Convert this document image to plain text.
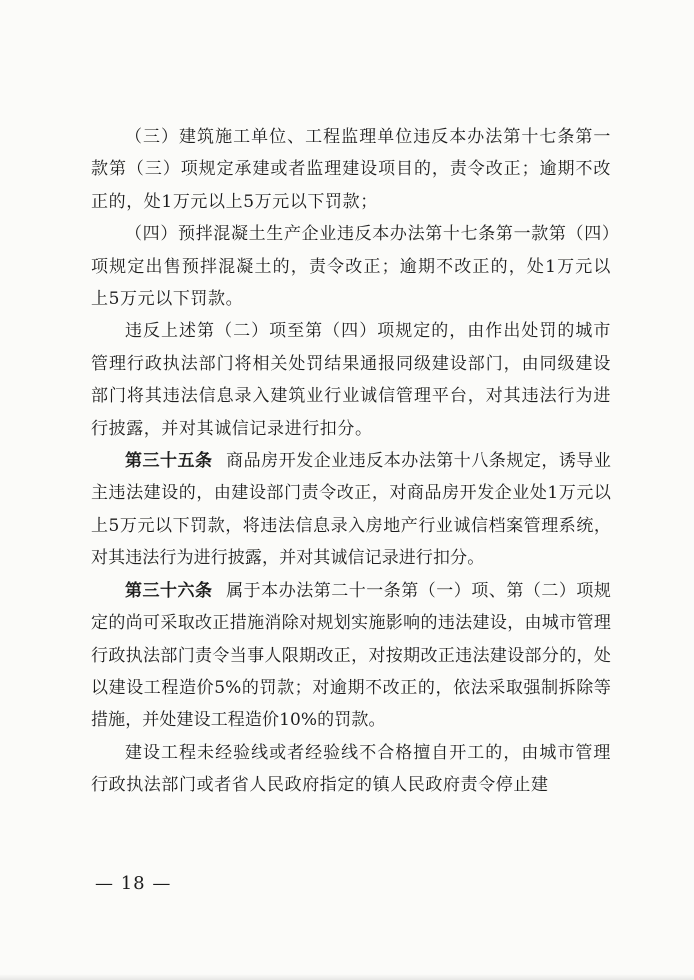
（三）建筑施工单位、工程监理单位违反本办法第十七条第一款第（三）项规定承建或者监理建设项目的，责令改正；逾期不改正的，处1万元以上5万元以下罚款；

（四）预拌混凝土生产企业违反本办法第十七条第一款第（四）项规定出售预拌混凝土的，责令改正；逾期不改正的，处1万元以上5万元以下罚款。

违反上述第（二）项至第（四）项规定的，由作出处罚的城市管理行政执法部门将相关处罚结果通报同级建设部门，由同级建设部门将其违法信息录入建筑业行业诚信管理平台，对其违法行为进行披露，并对其诚信记录进行扣分。

第三十五条 商品房开发企业违反本办法第十八条规定，诱导业主违法建设的，由建设部门责令改正，对商品房开发企业处1万元以上5万元以下罚款，将违法信息录入房地产行业诚信档案管理系统，对其违法行为进行披露，并对其诚信记录进行扣分。

第三十六条 属于本办法第二十一条第（一）项、第（二）项规定的尚可采取改正措施消除对规划实施影响的违法建设，由城市管理行政执法部门责令当事人限期改正，对按期改正违法建设部分的，处以建设工程造价5%的罚款；对逾期不改正的，依法采取强制拆除等措施，并处建设工程造价10%的罚款。

建设工程未经验线或者经验线不合格擅自开工的，由城市管理行政执法部门或者省人民政府指定的镇人民政府责令停止建

— 18 —
